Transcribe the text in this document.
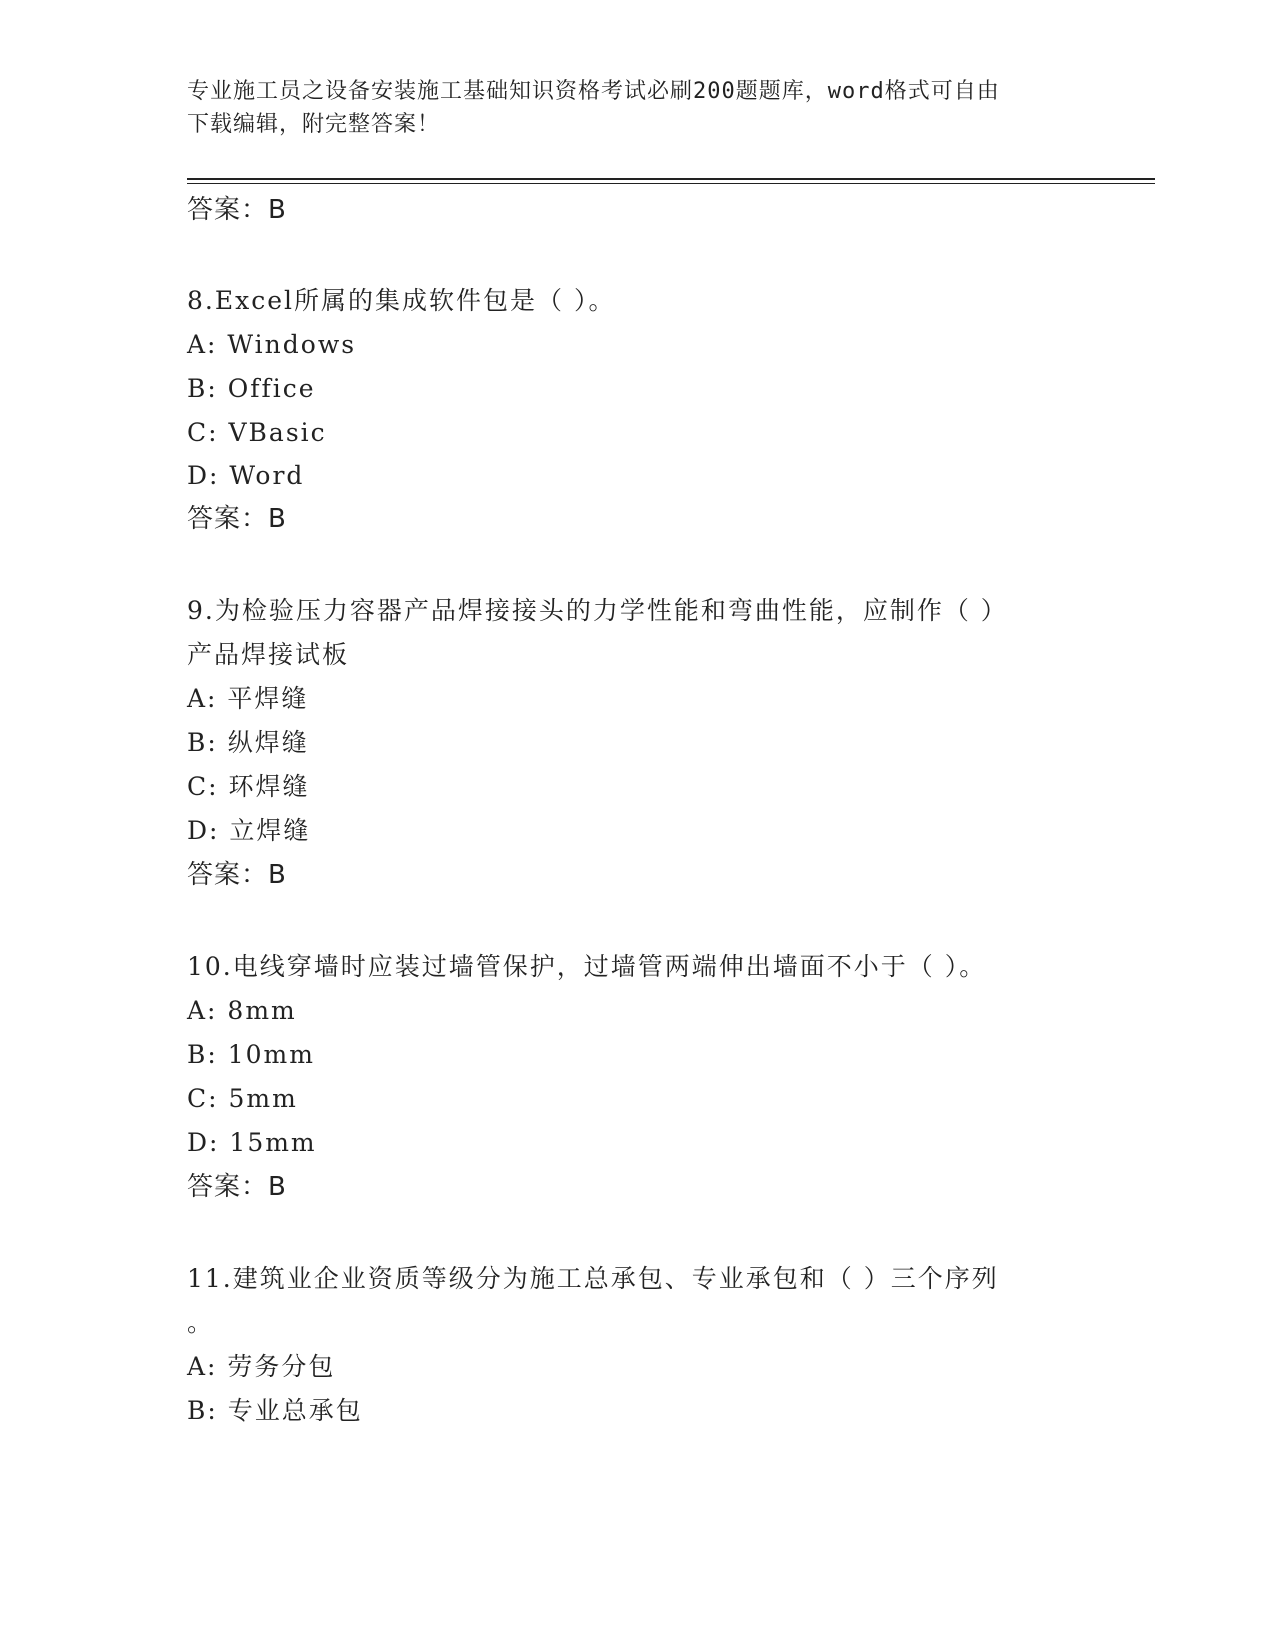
专业施工员之设备安装施工基础知识资格考试必刷200题题库，word格式可自由
下载编辑，附完整答案！
答案：B
8.Excel所属的集成软件包是（ ）。
A: Windows
B: Office
C: VBasic
D: Word
答案：B
9.为检验压力容器产品焊接接头的力学性能和弯曲性能，应制作（ ）
产品焊接试板
A: 平焊缝
B: 纵焊缝
C: 环焊缝
D: 立焊缝
答案：B
10.电线穿墙时应装过墙管保护，过墙管两端伸出墙面不小于（ ）。
A: 8mm
B: 10mm
C: 5mm
D: 15mm
答案：B
11.建筑业企业资质等级分为施工总承包、专业承包和（ ）三个序列
。
A: 劳务分包
B: 专业总承包
